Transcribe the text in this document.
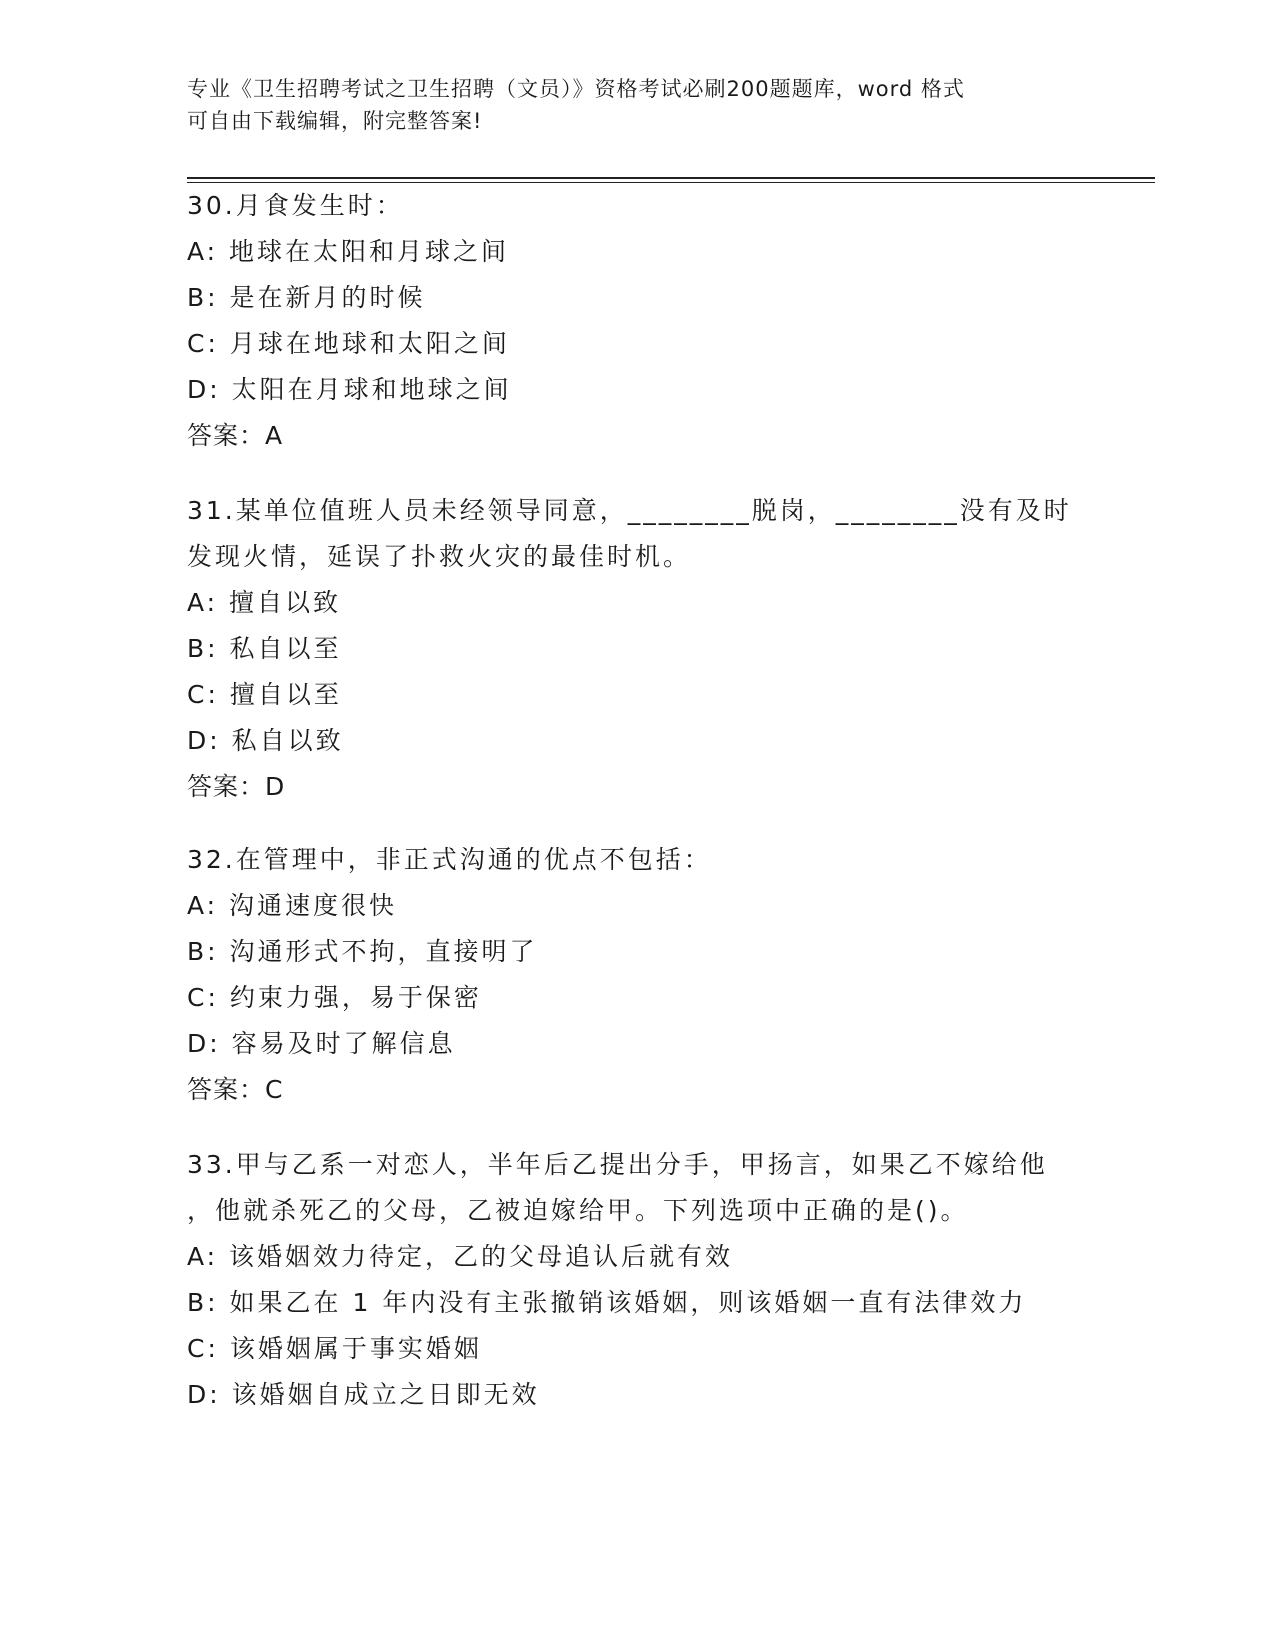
专业《卫生招聘考试之卫生招聘（文员）》资格考试必刷200题题库，word 格式
可自由下载编辑，附完整答案!
30.月食发生时：
A: 地球在太阳和月球之间
B: 是在新月的时候
C: 月球在地球和太阳之间
D: 太阳在月球和地球之间
答案：A
31.某单位值班人员未经领导同意，________脱岗，________没有及时
发现火情，延误了扑救火灾的最佳时机。
A: 擅自以致
B: 私自以至
C: 擅自以至
D: 私自以致
答案：D
32.在管理中，非正式沟通的优点不包括：
A: 沟通速度很快
B: 沟通形式不拘，直接明了
C: 约束力强，易于保密
D: 容易及时了解信息
答案：C
33.甲与乙系一对恋人，半年后乙提出分手，甲扬言，如果乙不嫁给他
，他就杀死乙的父母，乙被迫嫁给甲。下列选项中正确的是()。
A: 该婚姻效力待定，乙的父母追认后就有效
B: 如果乙在 1 年内没有主张撤销该婚姻，则该婚姻一直有法律效力
C: 该婚姻属于事实婚姻
D: 该婚姻自成立之日即无效
